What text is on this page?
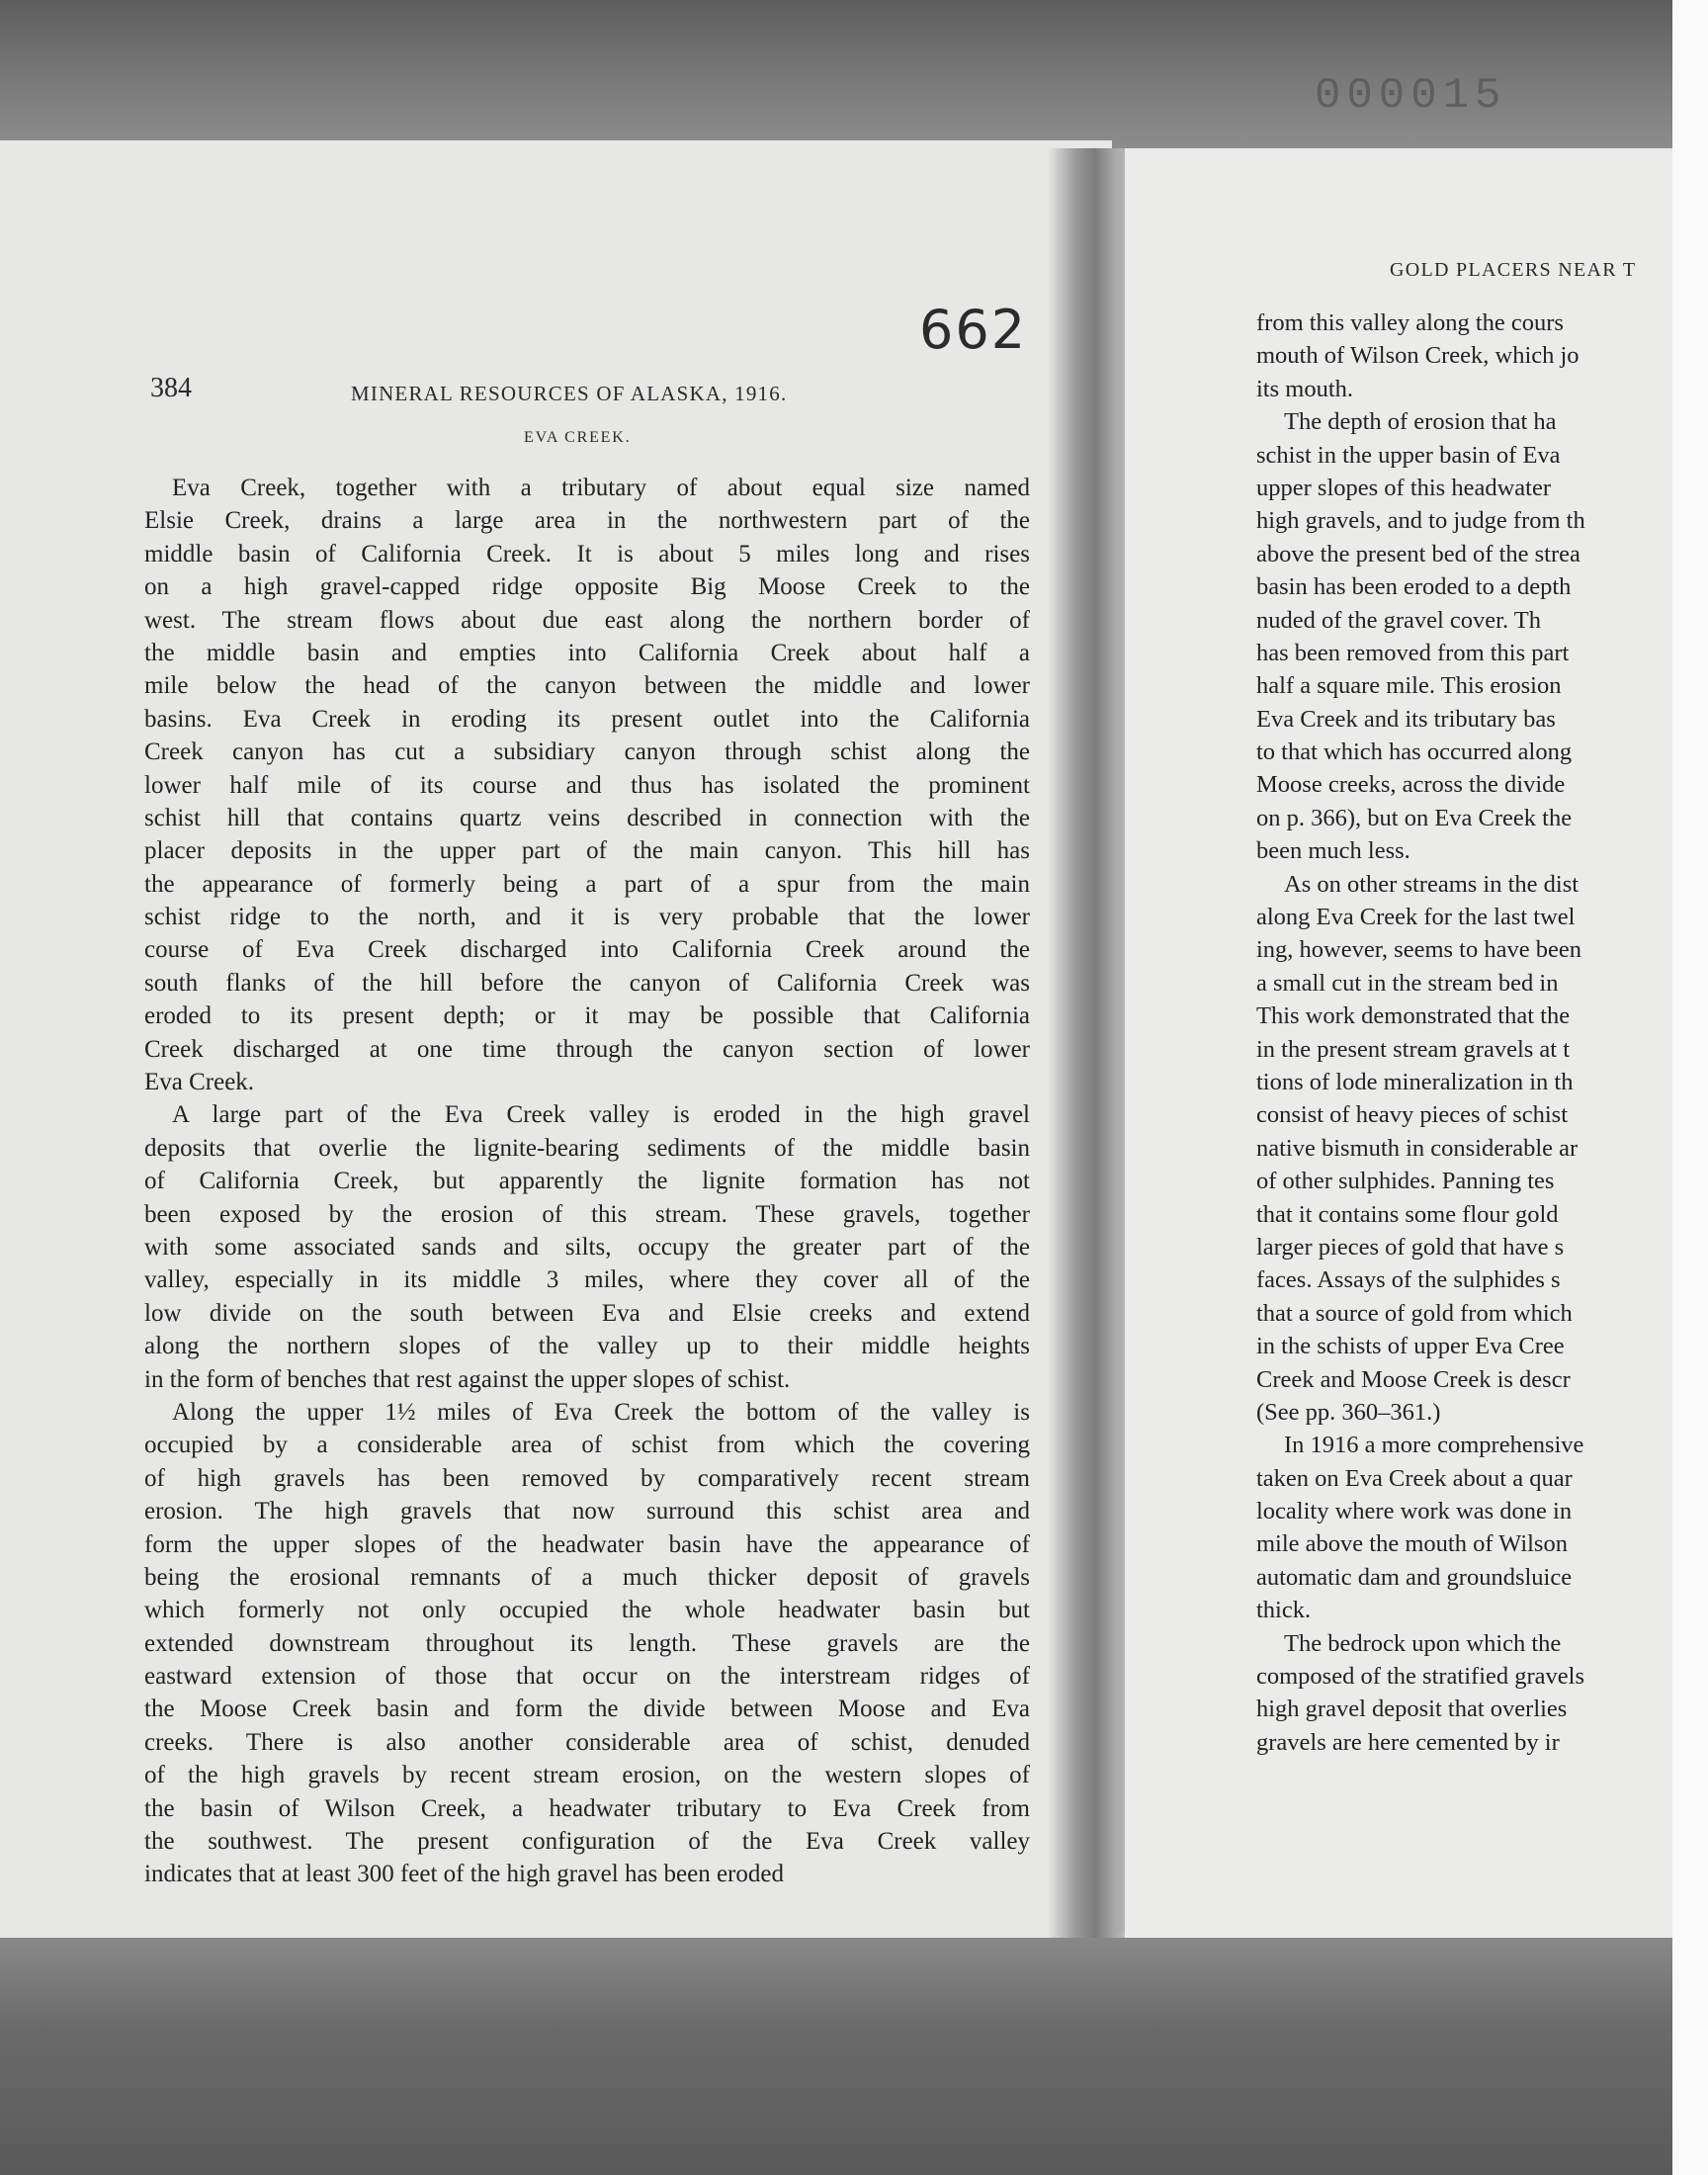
000015
662
384	MINERAL RESOURCES OF ALASKA, 1916.
EVA CREEK.
Eva Creek, together with a tributary of about equal size named
Elsie Creek, drains a large area in the northwestern part of the
middle basin of California Creek. It is about 5 miles long and rises
on a high gravel-capped ridge opposite Big Moose Creek to the
west. The stream flows about due east along the northern border of
the middle basin and empties into California Creek about half a
mile below the head of the canyon between the middle and lower
basins. Eva Creek in eroding its present outlet into the California
Creek canyon has cut a subsidiary canyon through schist along the
lower half mile of its course and thus has isolated the prominent
schist hill that contains quartz veins described in connection with the
placer deposits in the upper part of the main canyon. This hill has
the appearance of formerly being a part of a spur from the main
schist ridge to the north, and it is very probable that the lower
course of Eva Creek discharged into California Creek around the
south flanks of the hill before the canyon of California Creek was
eroded to its present depth; or it may be possible that California
Creek discharged at one time through the canyon section of lower
Eva Creek.
A large part of the Eva Creek valley is eroded in the high gravel
deposits that overlie the lignite-bearing sediments of the middle basin
of California Creek, but apparently the lignite formation has not
been exposed by the erosion of this stream. These gravels, together
with some associated sands and silts, occupy the greater part of the
valley, especially in its middle 3 miles, where they cover all of the
low divide on the south between Eva and Elsie creeks and extend
along the northern slopes of the valley up to their middle heights
in the form of benches that rest against the upper slopes of schist.
Along the upper 1½ miles of Eva Creek the bottom of the valley is
occupied by a considerable area of schist from which the covering
of high gravels has been removed by comparatively recent stream
erosion. The high gravels that now surround this schist area and
form the upper slopes of the headwater basin have the appearance of
being the erosional remnants of a much thicker deposit of gravels
which formerly not only occupied the whole headwater basin but
extended downstream throughout its length. These gravels are the
eastward extension of those that occur on the interstream ridges of
the Moose Creek basin and form the divide between Moose and Eva
creeks. There is also another considerable area of schist, denuded
of the high gravels by recent stream erosion, on the western slopes of
the basin of Wilson Creek, a headwater tributary to Eva Creek from
the southwest. The present configuration of the Eva Creek valley
indicates that at least 300 feet of the high gravel has been eroded
GOLD PLACERS NEAR T
from this valley along the cours
mouth of Wilson Creek, which jo
its mouth.
The depth of erosion that ha
schist in the upper basin of Eva
upper slopes of this headwater
high gravels, and to judge from th
above the present bed of the strea
basin has been eroded to a depth
nuded of the gravel cover. Th
has been removed from this part
half a square mile. This erosion
Eva Creek and its tributary bas
to that which has occurred along
Moose creeks, across the divide
on p. 366), but on Eva Creek the
been much less.
As on other streams in the dist
along Eva Creek for the last twel
ing, however, seems to have been
a small cut in the stream bed in
This work demonstrated that the
in the present stream gravels at t
tions of lode mineralization in th
consist of heavy pieces of schist
native bismuth in considerable ar
of other sulphides. Panning tes
that it contains some flour gold
larger pieces of gold that have s
faces. Assays of the sulphides s
that a source of gold from which
in the schists of upper Eva Cree
Creek and Moose Creek is descr
(See pp. 360–361.)
In 1916 a more comprehensive
taken on Eva Creek about a quar
locality where work was done in
mile above the mouth of Wilson
automatic dam and groundsluice
thick.
The bedrock upon which the
composed of the stratified gravels
high gravel deposit that overlies
gravels are here cemented by ir
